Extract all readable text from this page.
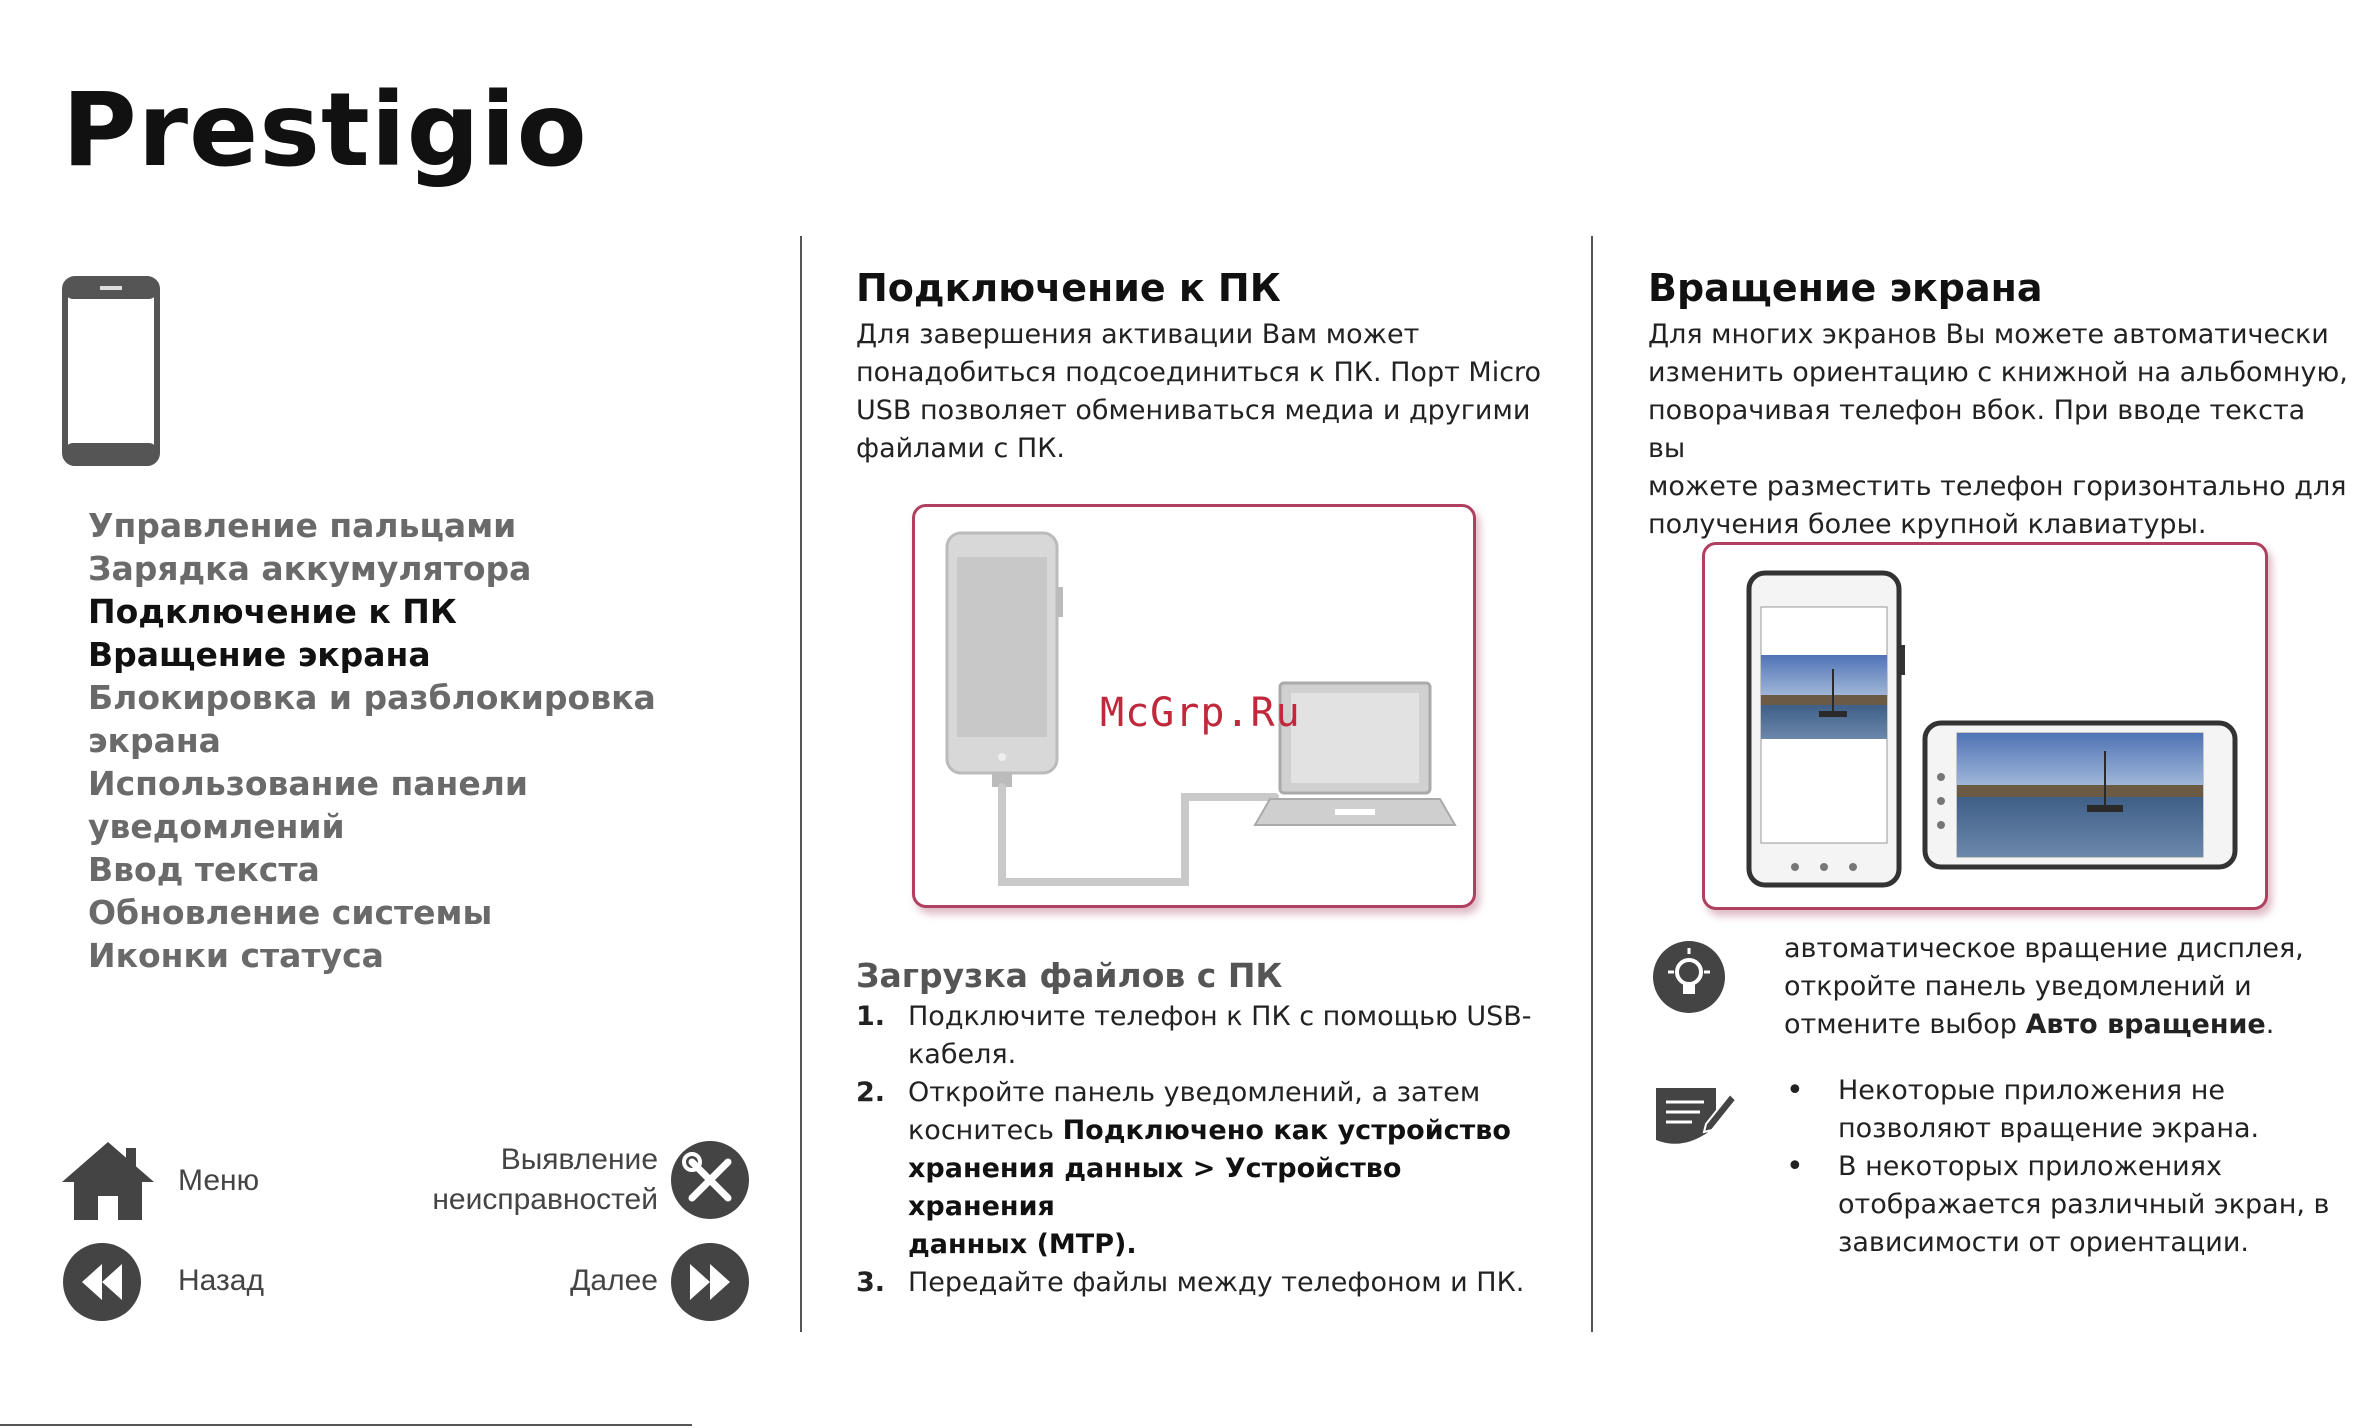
Prestigio
Управление пальцами
Зарядка аккумулятора
Подключение к ПК
Вращение экрана
Блокировка и разблокировка экрана
Использование панели
уведомлений
Ввод текста
Обновление системы
Иконки статуса
Меню
Выявление
неисправностей
Назад	Далее
Подключение к ПК

Для завершения активации Вам может

понадобиться подсоединиться к ПК. Порт Micro

USB позволяет обмениваться медиа и другими

файлами с ПК.

McGrp.Ru
Загрузка файлов с ПК
1. Подключите телефон к ПК с помощью USB-
кабеля.
2. Откройте панель уведомлений, а затем
коснитесь Подключено как устройство
хранения данных > Устройство хранения
данных (MTP).
3. Передайте файлы между телефоном и ПК.
Вращение экрана

Для многих экранов Вы можете автоматически

изменить ориентацию с книжной на альбомную,

поворачивая телефон вбок. При вводе текста вы

можете разместить телефон горизонтально для

получения более крупной клавиатуры.

автоматическое вращение дисплея,

откройте панель уведомлений и

отмените выбор Авто вращение.

• Некоторые приложения не
позволяют вращение экрана.
• В некоторых приложениях
отображается различный экран, в
зависимости от ориентации.
